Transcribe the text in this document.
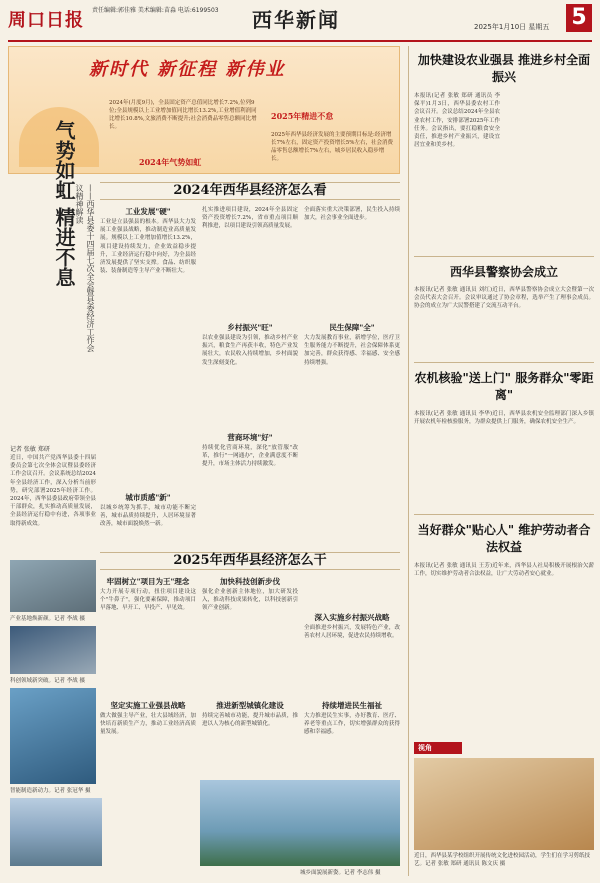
周口日报 责任编辑:郭佳雅 美术编辑:苗淼 电话:6199503	西华新闻	2025年1月10日 星期五 5
新时代 新征程 新伟业
2024年(月度9月)，全县固定资产总值同比增长7.2%,位列9位;全县规模以上工业增加值同比增长13.2%,工业增值利润同比增长10.8%,文旅消费不断提升;社会消费品零售总额同比增长。
2024年气势如虹
2025年精进不怠
2025年西华县经济发展的主要预期目标是:经济增长7%左右，固定资产投资增长5%左右，社会消费品零售总额增长7%左右，城乡居民收入稳步增长。
气势如虹 精进不息	——西华县委十四届七次全会暨县委经济工作会议精神解读
记者 张敏 郑研
近日，中国共产党西华县委十四届委员会第七次全体会议暨县委经济工作会议召开。会议系统总结2024年全县经济工作，深入分析当前形势，研究部署2025年经济工作。2024年，西华县委县政府带领全县干部群众，扎实推动高质量发展，全县经济运行稳中有进，各项事业取得新成效。
2024年西华县经济怎么看
工业发展"硬"
工业是立县强县的根本。西华县大力发展工业强县战略，推动制造业高质量发展。规模以上工业增加值增长13.2%，项目建设持续发力，企业效益稳步提升，工业经济运行稳中向好，为全县经济发展提供了坚实支撑。食品、纺织服装、装备制造等主导产业不断壮大。
城市质感"新"
以城乡统筹为抓手，城市功能不断完善，城市品质持续提升，人居环境显著改善，城市面貌焕然一新。
扎实推进项目建设，2024年全县固定资产投资增长7.2%，省市重点项目顺利推进，以项目建设引领高质量发展。
乡村振兴"旺"
以农业强县建设为引领，推动乡村产业振兴，粮食生产再获丰收，特色产业发展壮大，农民收入持续增加，乡村面貌发生深刻变化。
营商环境"好"
持续优化营商环境，深化"放管服"改革，推行"一网通办"，企业满意度不断提升，市场主体活力持续激发。
全面落实重大决策部署，民生投入持续加大，社会事业全面进步。
民生保障"全"
大力发展教育事业，新增学位，医疗卫生服务能力不断提升，社会保障体系更加完善，群众获得感、幸福感、安全感持续增强。
产业基地焕新颜。记者 李战 摄
科创领域新突破。记者 李战 摄
智能制造新动力。记者 张冠华 摄
城乡面貌展新姿。记者 李志伟 摄
2025年西华县经济怎么干
牢固树立"项目为王"理念
大力开展专项行动，扭住项目建设这个"牛鼻子"，强化要素保障，推动项目早落地、早开工、早投产、早见效。
坚定实施工业强县战略
做大做强主导产业，壮大县域经济，加快培育新质生产力，推动工业经济高质量发展。
加快科技创新步伐
强化企业创新主体地位，加大研发投入，推动科技成果转化，以科技创新引领产业创新。
推进新型城镇化建设
持续完善城市功能，提升城市品质，推进以人为核心的新型城镇化。
深入实施乡村振兴战略
全面推进乡村振兴，发展特色产业，改善农村人居环境，促进农民持续增收。
持续增进民生福祉
大力推进民生实事，办好教育、医疗、养老等重点工作，切实增强群众的获得感和幸福感。
加快建设农业强县 推进乡村全面振兴
本报讯(记者 张敏 郑研 通讯员 李保平)1月3日，西华县委农村工作会议召开。会议总结2024年全县农业农村工作，安排部署2025年工作任务。会议指出，要扛稳粮食安全责任，推进乡村产业振兴，建设宜居宜业和美乡村。
西华县警察协会成立
本报讯(记者 张敏 通讯员 刘红)近日，西华县警察协会成立大会暨第一次会员代表大会召开。会议审议通过了协会章程，选举产生了理事会成员。协会的成立为广大民警搭建了交流互动平台。
农机核验"送上门" 服务群众"零距离"
本报讯(记者 张敏 通讯员 李华)近日，西华县农机安全监理部门深入乡镇开展农机年检核验服务，为群众提供上门服务，确保农机安全生产。
当好群众"贴心人" 维护劳动者合法权益
本报讯(记者 张敏 通讯员 王芳)近年来，西华县人社局积极开展根治欠薪工作，切实维护劳动者合法权益，让广大劳动者安心就业。
视角
近日，西华县某学校组织开展传统文化进校园活动，学生们在学习剪纸技艺。记者 张敏 郑研 通讯员 陈文庆 摄
